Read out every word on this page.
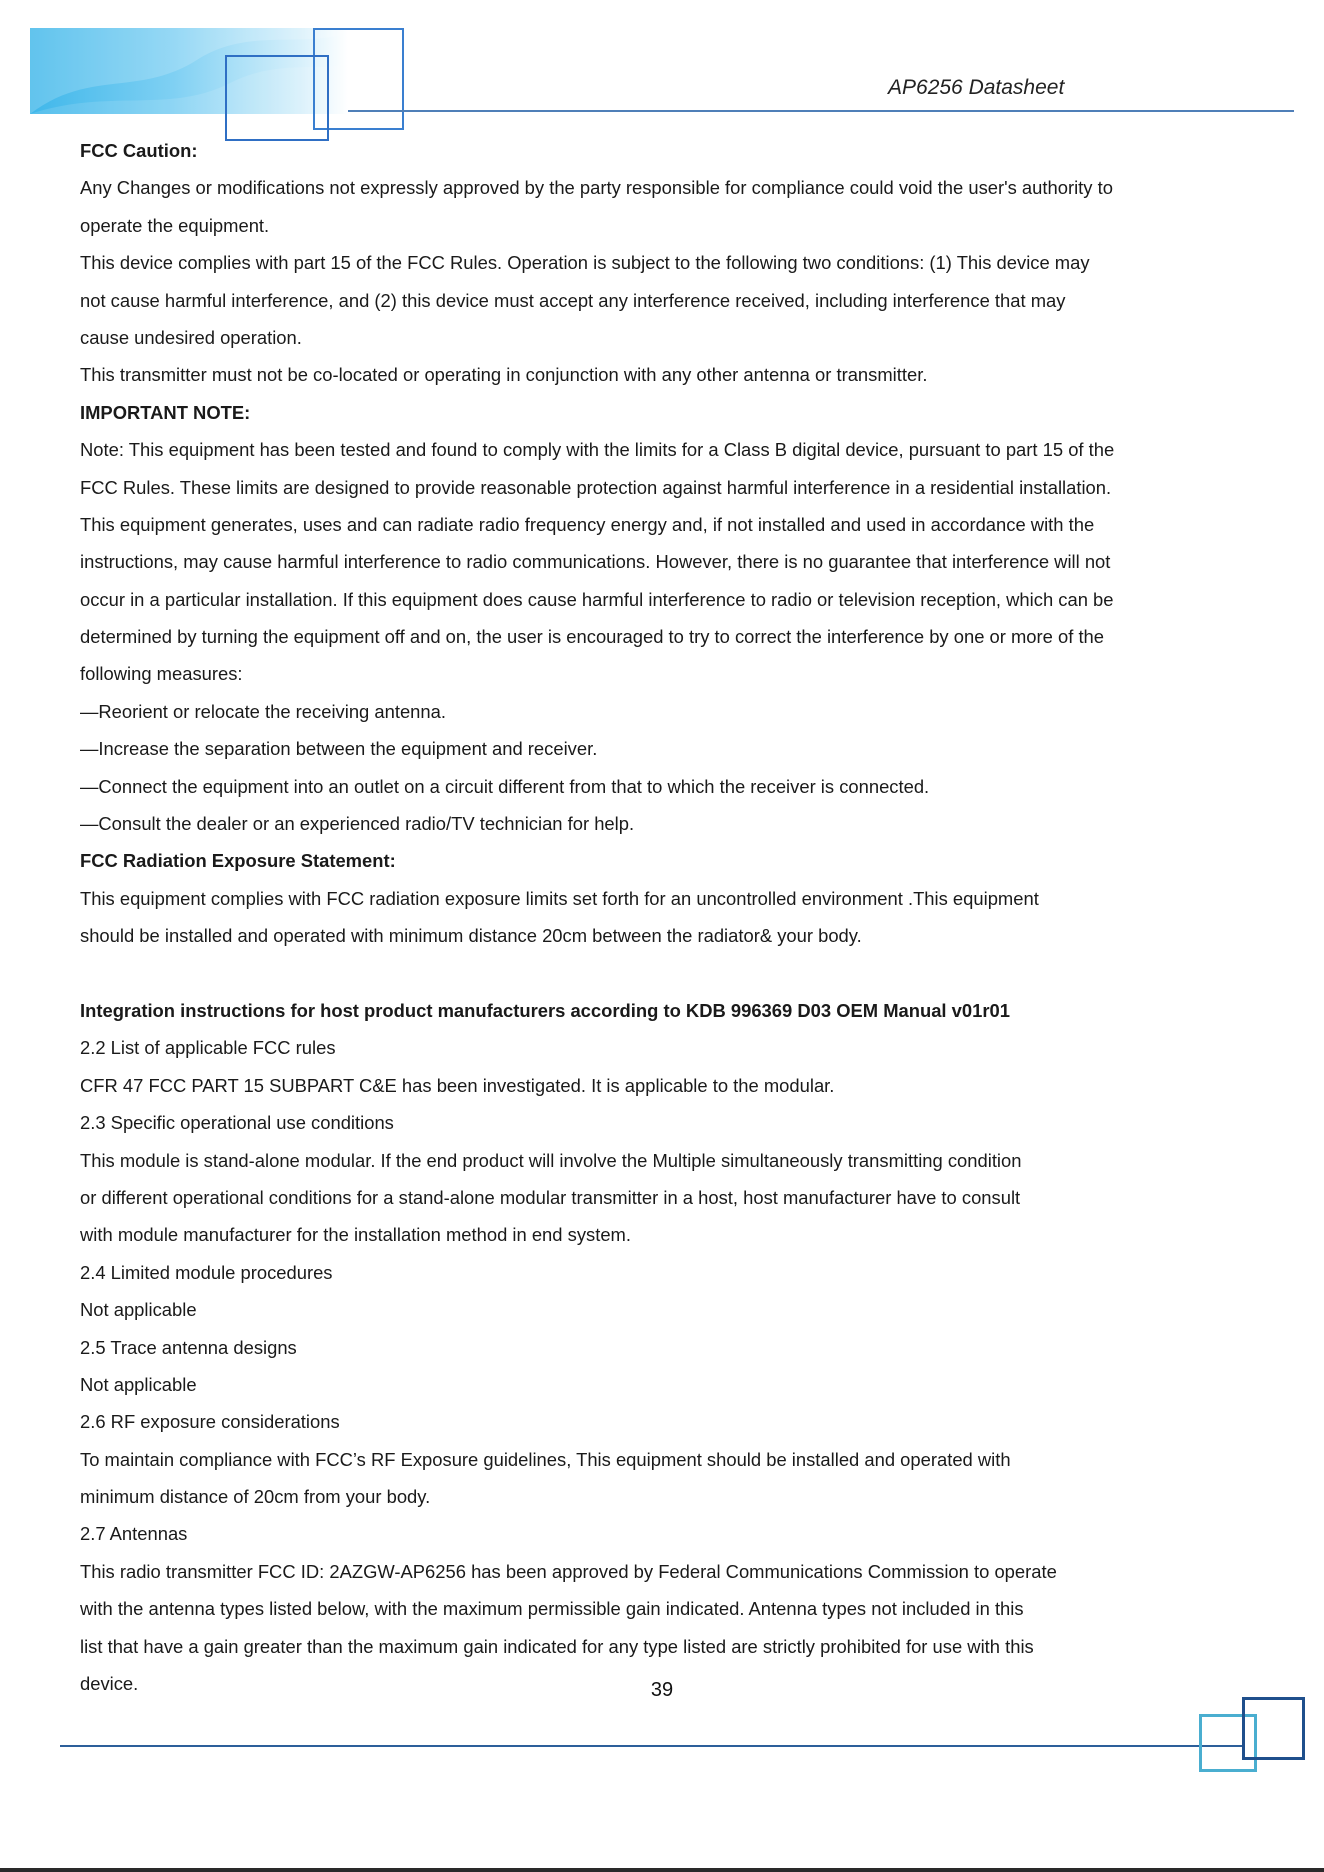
AP6256 Datasheet
FCC Caution:
Any Changes or modifications not expressly approved by the party responsible for compliance could void the user's authority to
operate the equipment.
This device complies with part 15 of the FCC Rules. Operation is subject to the following two conditions: (1) This device may
not cause harmful interference, and (2) this device must accept any interference received, including interference that may
cause undesired operation.
This transmitter must not be co-located or operating in conjunction with any other antenna or transmitter.
IMPORTANT NOTE:
Note: This equipment has been tested and found to comply with the limits for a Class B digital device, pursuant to part 15 of the
FCC Rules. These limits are designed to provide reasonable protection against harmful interference in a residential installation.
This equipment generates, uses and can radiate radio frequency energy and, if not installed and used in accordance with the
instructions, may cause harmful interference to radio communications. However, there is no guarantee that interference will not
occur in a particular installation. If this equipment does cause harmful interference to radio or television reception, which can be
determined by turning the equipment off and on, the user is encouraged to try to correct the interference by one or more of the
following measures:
—Reorient or relocate the receiving antenna.
—Increase the separation between the equipment and receiver.
—Connect the equipment into an outlet on a circuit different from that to which the receiver is connected.
—Consult the dealer or an experienced radio/TV technician for help.
FCC Radiation Exposure Statement:
This equipment complies with FCC radiation exposure limits set forth for an uncontrolled environment .This equipment
should be installed and operated with minimum distance 20cm between the radiator& your body.
Integration instructions for host product manufacturers according to KDB 996369 D03 OEM Manual v01r01
2.2 List of applicable FCC rules
CFR 47 FCC PART 15 SUBPART C&E has been investigated. It is applicable to the modular.
2.3 Specific operational use conditions
This module is stand-alone modular. If the end product will involve the Multiple simultaneously transmitting condition
or different operational conditions for a stand-alone modular transmitter in a host, host manufacturer have to consult
with module manufacturer for the installation method in end system.
2.4 Limited module procedures
Not applicable
2.5 Trace antenna designs
Not applicable
2.6 RF exposure considerations
To maintain compliance with FCC’s RF Exposure guidelines, This equipment should be installed and operated with
minimum distance of 20cm from your body.
2.7 Antennas
This radio transmitter FCC ID: 2AZGW-AP6256 has been approved by Federal Communications Commission to operate
with the antenna types listed below, with the maximum permissible gain indicated. Antenna types not included in this
list that have a gain greater than the maximum gain indicated for any type listed are strictly prohibited for use with this
device.	39
